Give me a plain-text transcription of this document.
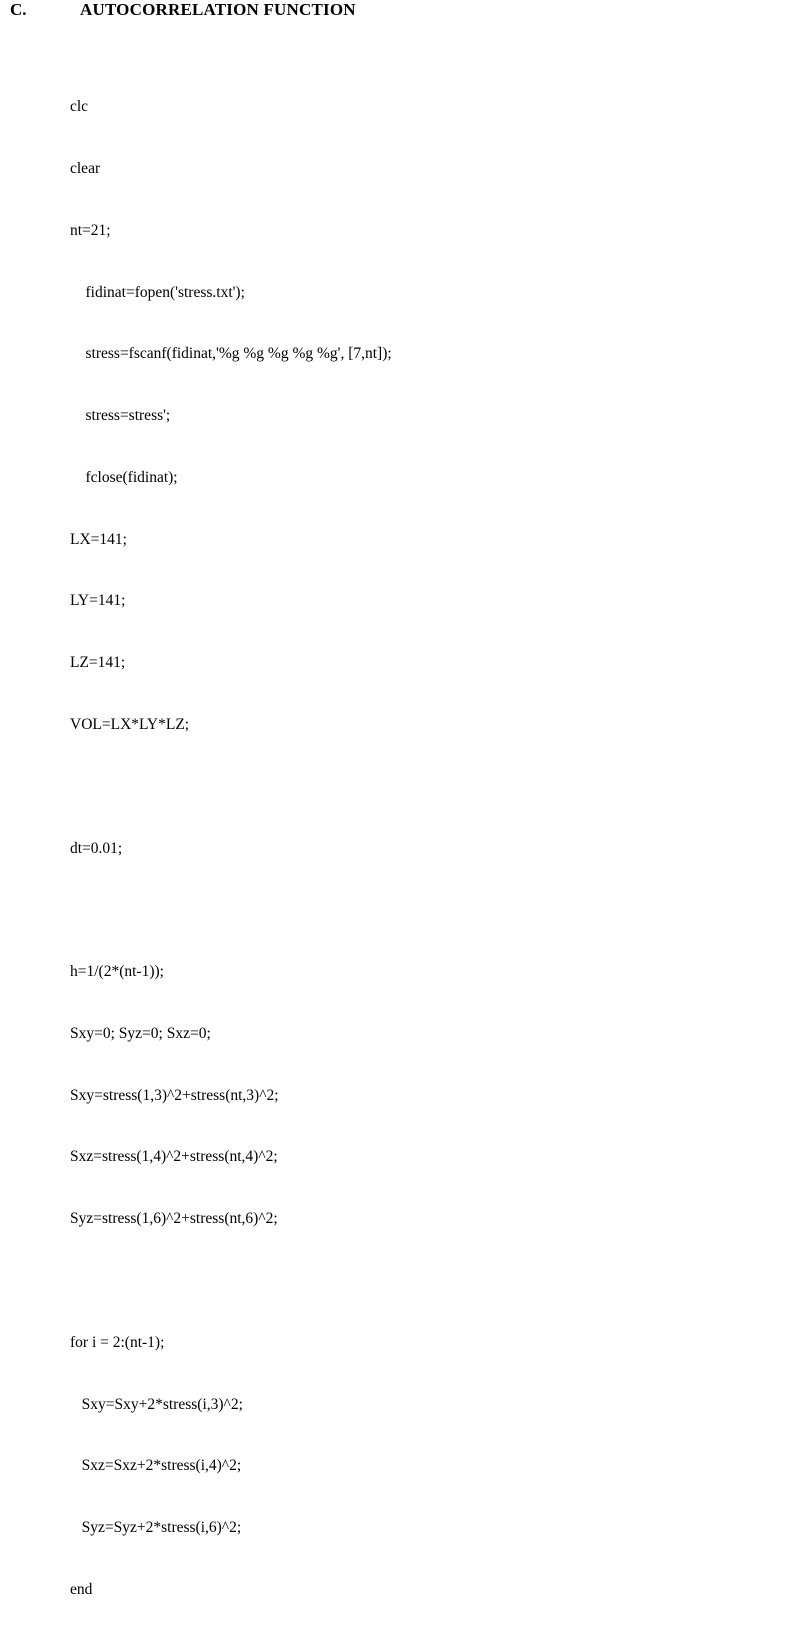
C.	AUTOCORRELATION FUNCTION

clc

clear

nt=21;

fidinat=fopen('stress.txt');

stress=fscanf(fidinat,'%g %g %g %g %g', [7,nt]);

stress=stress';

fclose(fidinat);

LX=141;

LY=141;

LZ=141;

VOL=LX*LY*LZ;

dt=0.01;

h=1/(2*(nt-1));

Sxy=0; Syz=0; Sxz=0;

Sxy=stress(1,3)^2+stress(nt,3)^2;

Sxz=stress(1,4)^2+stress(nt,4)^2;

Syz=stress(1,6)^2+stress(nt,6)^2;

for i = 2:(nt-1);

Sxy=Sxy+2*stress(i,3)^2;

Sxz=Sxz+2*stress(i,4)^2;

Syz=Syz+2*stress(i,6)^2;

end
